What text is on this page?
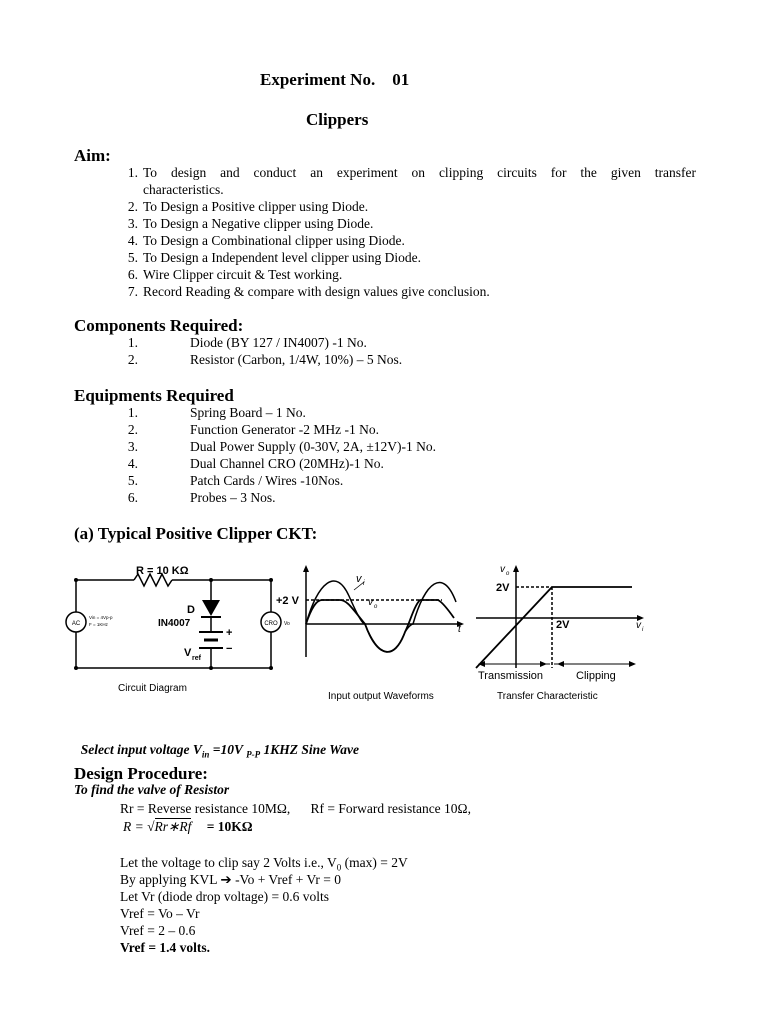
Experiment No.    01
Clippers
Aim:
1. To design and conduct an experiment on clipping circuits for the given transfer
characteristics.
2. To Design a Positive clipper using Diode.
3. To Design a Negative clipper using Diode.
4. To Design a Combinational clipper using Diode.
5. To Design a Independent level clipper using Diode.
6. Wire Clipper circuit & Test working.
7. Record Reading & compare with design values give conclusion.
Components Required:
1.	Diode (BY 127 / IN4007) -1 No.
2.	Resistor (Carbon, 1/4W, 10%) – 5 Nos.
Equipments Required
1.	Spring Board – 1 No.
2.	Function Generator -2 MHz -1 No.
3.	Dual Power Supply (0-30V, 2A, ±12V)-1 No.
4.	Dual Channel CRO (20MHz)-1 No.
5.	Patch Cards / Wires -10Nos.
6.	Probes – 3 Nos.
(a) Typical Positive Clipper CKT:
AC	CRO Vo
Vin = 4Vp-p
F = 1KHz
R = 10 KΩ
D
IN4007
+
−
V ref
Circuit Diagram
+2 V
v i
v o
t
Input output Waveforms
v o
v i
2V
2V
Transmission	Clipping
Transfer Characteristic

Select input voltage $V_{in} =10V$ $_{P-P}$ 1KHZ Sine Wave

Design Procedure:
To find the valve of Resistor
Rr = Reverse resistance 10MΩ,      Rf = Forward resistance 10Ω,
R = √Rr∗Rf = 10KΩ
Let the voltage to clip say 2 Volts i.e., $V_0$ (max) = 2V
By applying KVL ➔ -Vo + Vref + Vr = 0
Let Vr (diode drop voltage) = 0.6 volts
Vref = Vo – Vr
Vref = 2 – 0.6
Vref = 1.4 volts.
